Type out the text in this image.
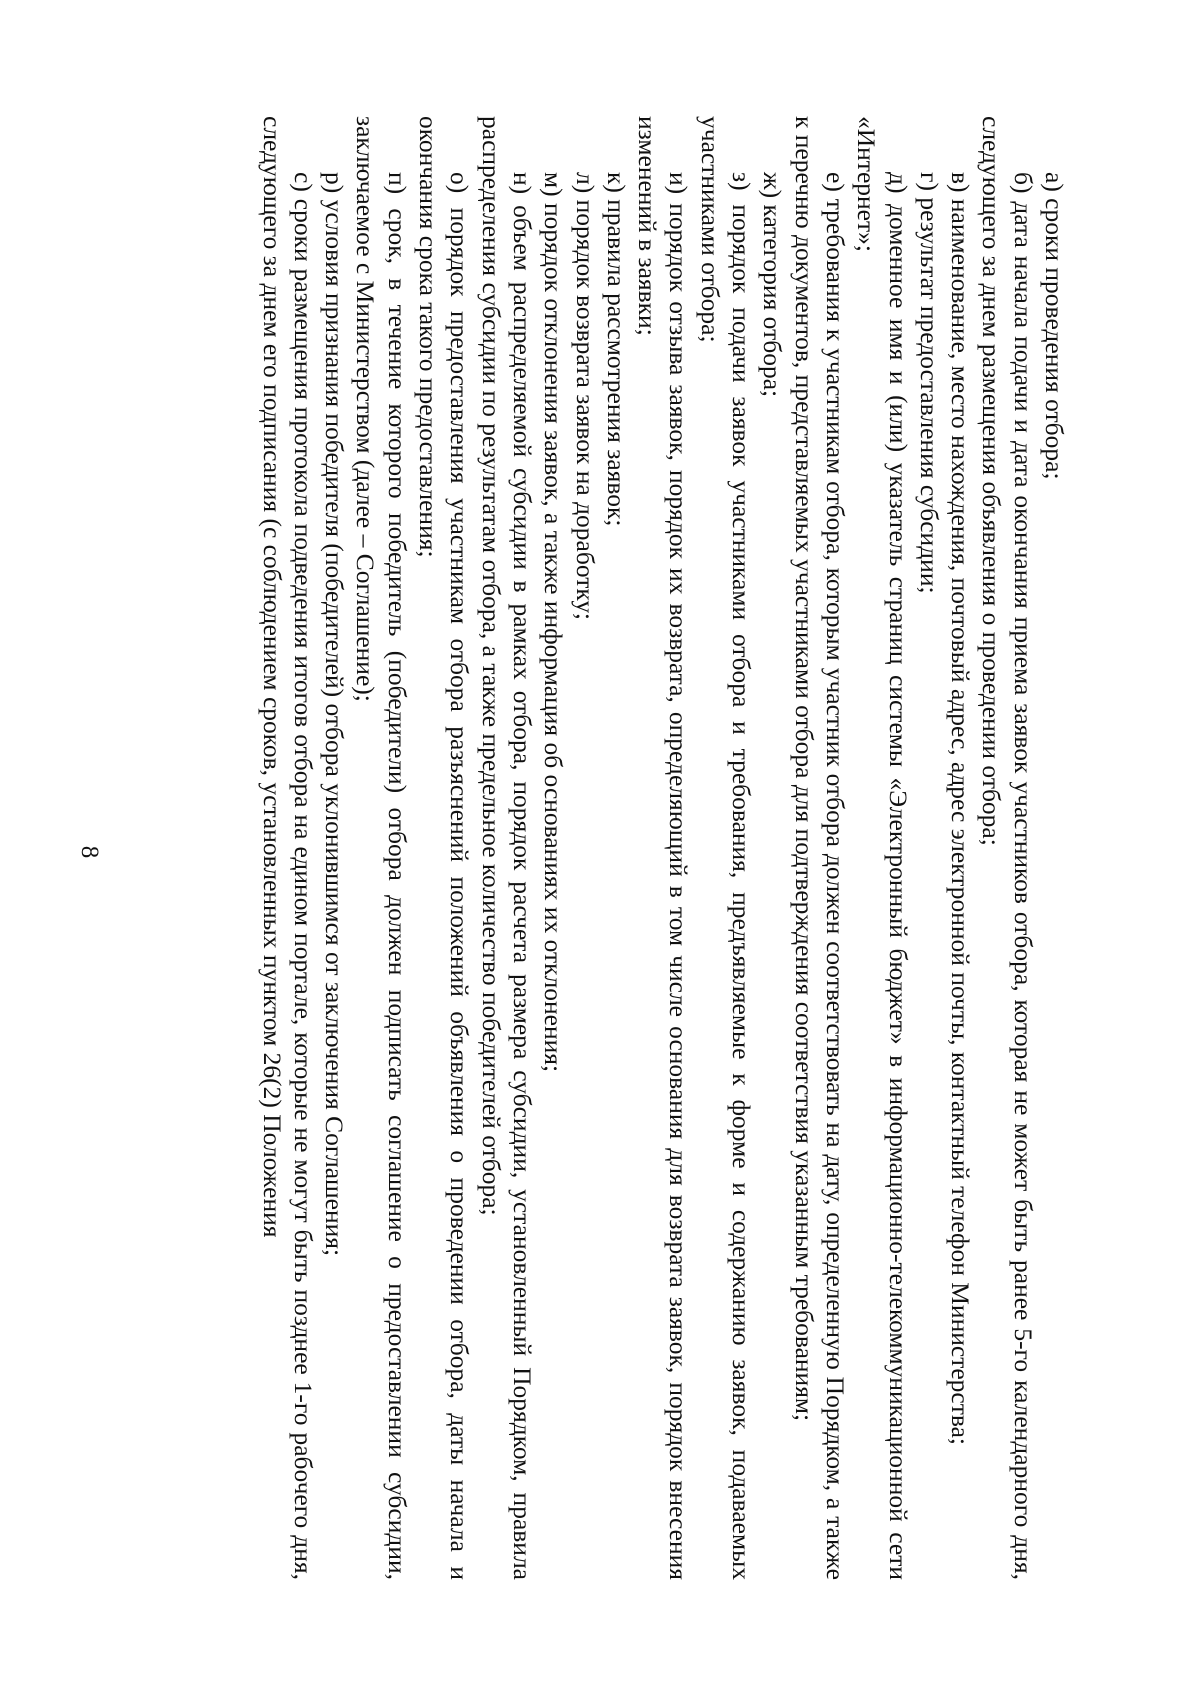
8

а) сроки проведения отбора;

б) дата начала подачи и дата окончания приема заявок участников отбора, которая не может быть ранее 5-го календарного дня, следующего за днем размещения объявления о проведении отбора;

в) наименование, место нахождения, почтовый адрес, адрес электронной почты, контактный телефон Министерства;

г) результат предоставления субсидии;

д) доменное имя и (или) указатель страниц системы «Электронный бюджет» в информационно-телекоммуникационной сети «Интернет»;

е) требования к участникам отбора, которым участник отбора должен соответствовать на дату, определенную Порядком, а также к перечню документов, представляемых участниками отбора для подтверждения соответствия указанным требованиям;

ж) категория отбора;

з) порядок подачи заявок участниками отбора и требования, предъявляемые к форме и содержанию заявок, подаваемых участниками отбора;

и) порядок отзыва заявок, порядок их возврата, определяющий в том числе основания для возврата заявок, порядок внесения изменений в заявки;

к) правила рассмотрения заявок;

л) порядок возврата заявок на доработку;

м) порядок отклонения заявок, а также информация об основаниях их отклонения;

н) объем распределяемой субсидии в рамках отбора, порядок расчета размера субсидии, установленный Порядком, правила распределения субсидии по результатам отбора, а также предельное количество победителей отбора;

о) порядок предоставления участникам отбора разъяснений положений объявления о проведении отбора, даты начала и окончания срока такого предоставления;

п) срок, в течение которого победитель (победители) отбора должен подписать соглашение о предоставлении субсидии, заключаемое с Министерством (далее – Соглашение);

р) условия признания победителя (победителей) отбора уклонившимся от заключения Соглашения;

с) сроки размещения протокола подведения итогов отбора на едином портале, которые не могут быть позднее 1-го рабочего дня, следующего за днем его подписания (с соблюдением сроков, установленных пунктом 26(2) Положения
